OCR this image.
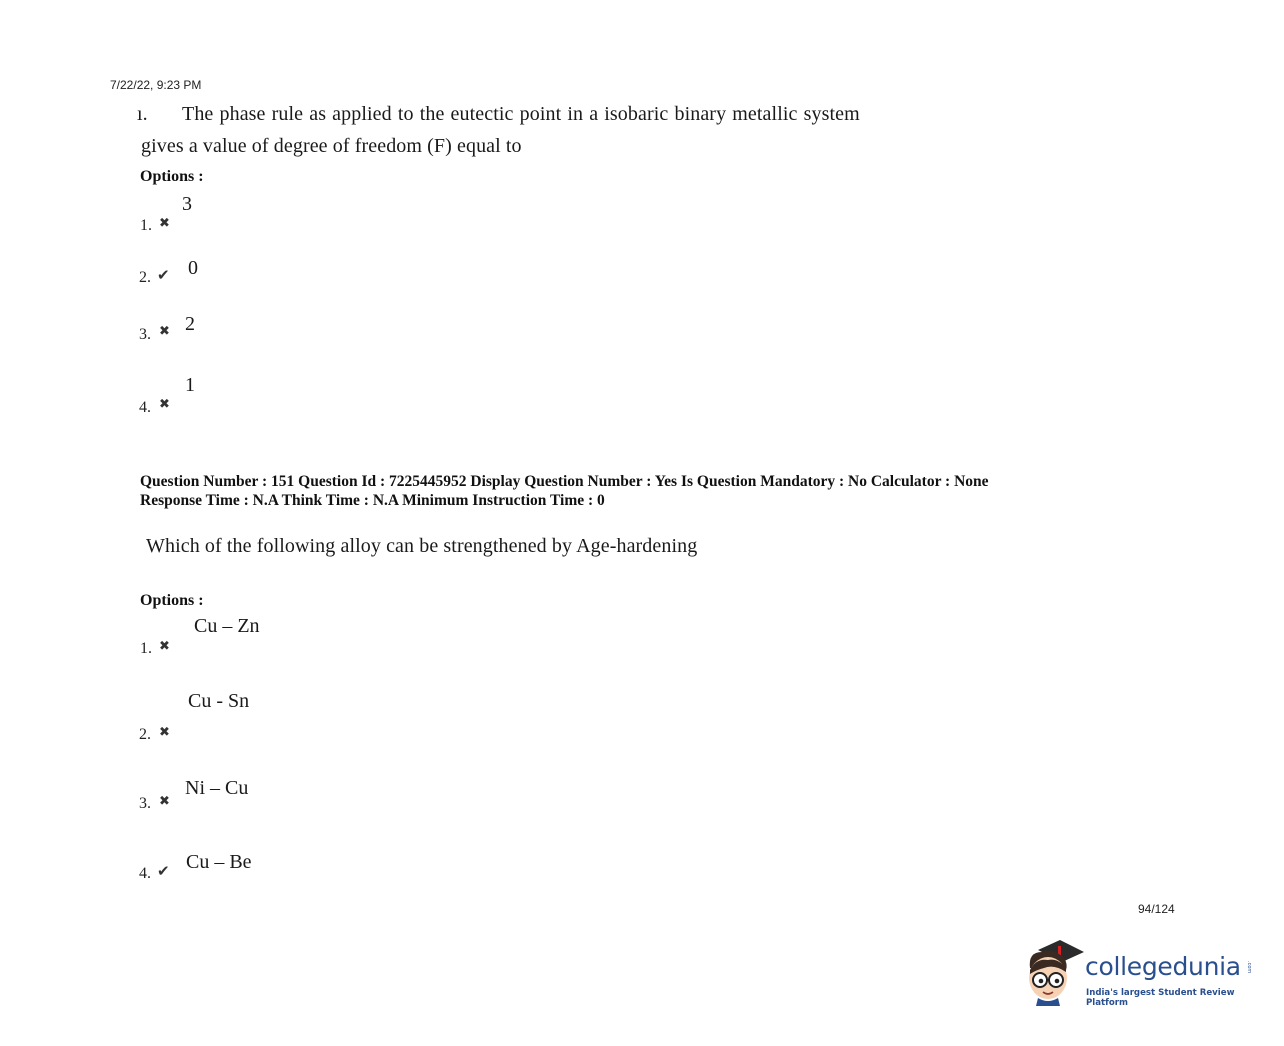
7/22/22, 9:23 PM
ı. The phase rule as applied to the eutectic point in a isobaric binary metallic system
gives a value of degree of freedom (F) equal to
Options :
1. ✖
3
2. ✔ 0
3. ✖ 2
4. ✖
1
Question Number : 151 Question Id : 7225445952 Display Question Number : Yes Is Question Mandatory : No Calculator : None
Response Time : N.A Think Time : N.A Minimum Instruction Time : 0
Which of the following alloy can be strengthened by Age-hardening
Options :
1. ✖
Cu – Zn
2. ✖
Cu - Sn
3. ✖
Ni – Cu
4. ✔ Cu – Be
94/124
collegedunia .com
India's largest Student Review Platform
